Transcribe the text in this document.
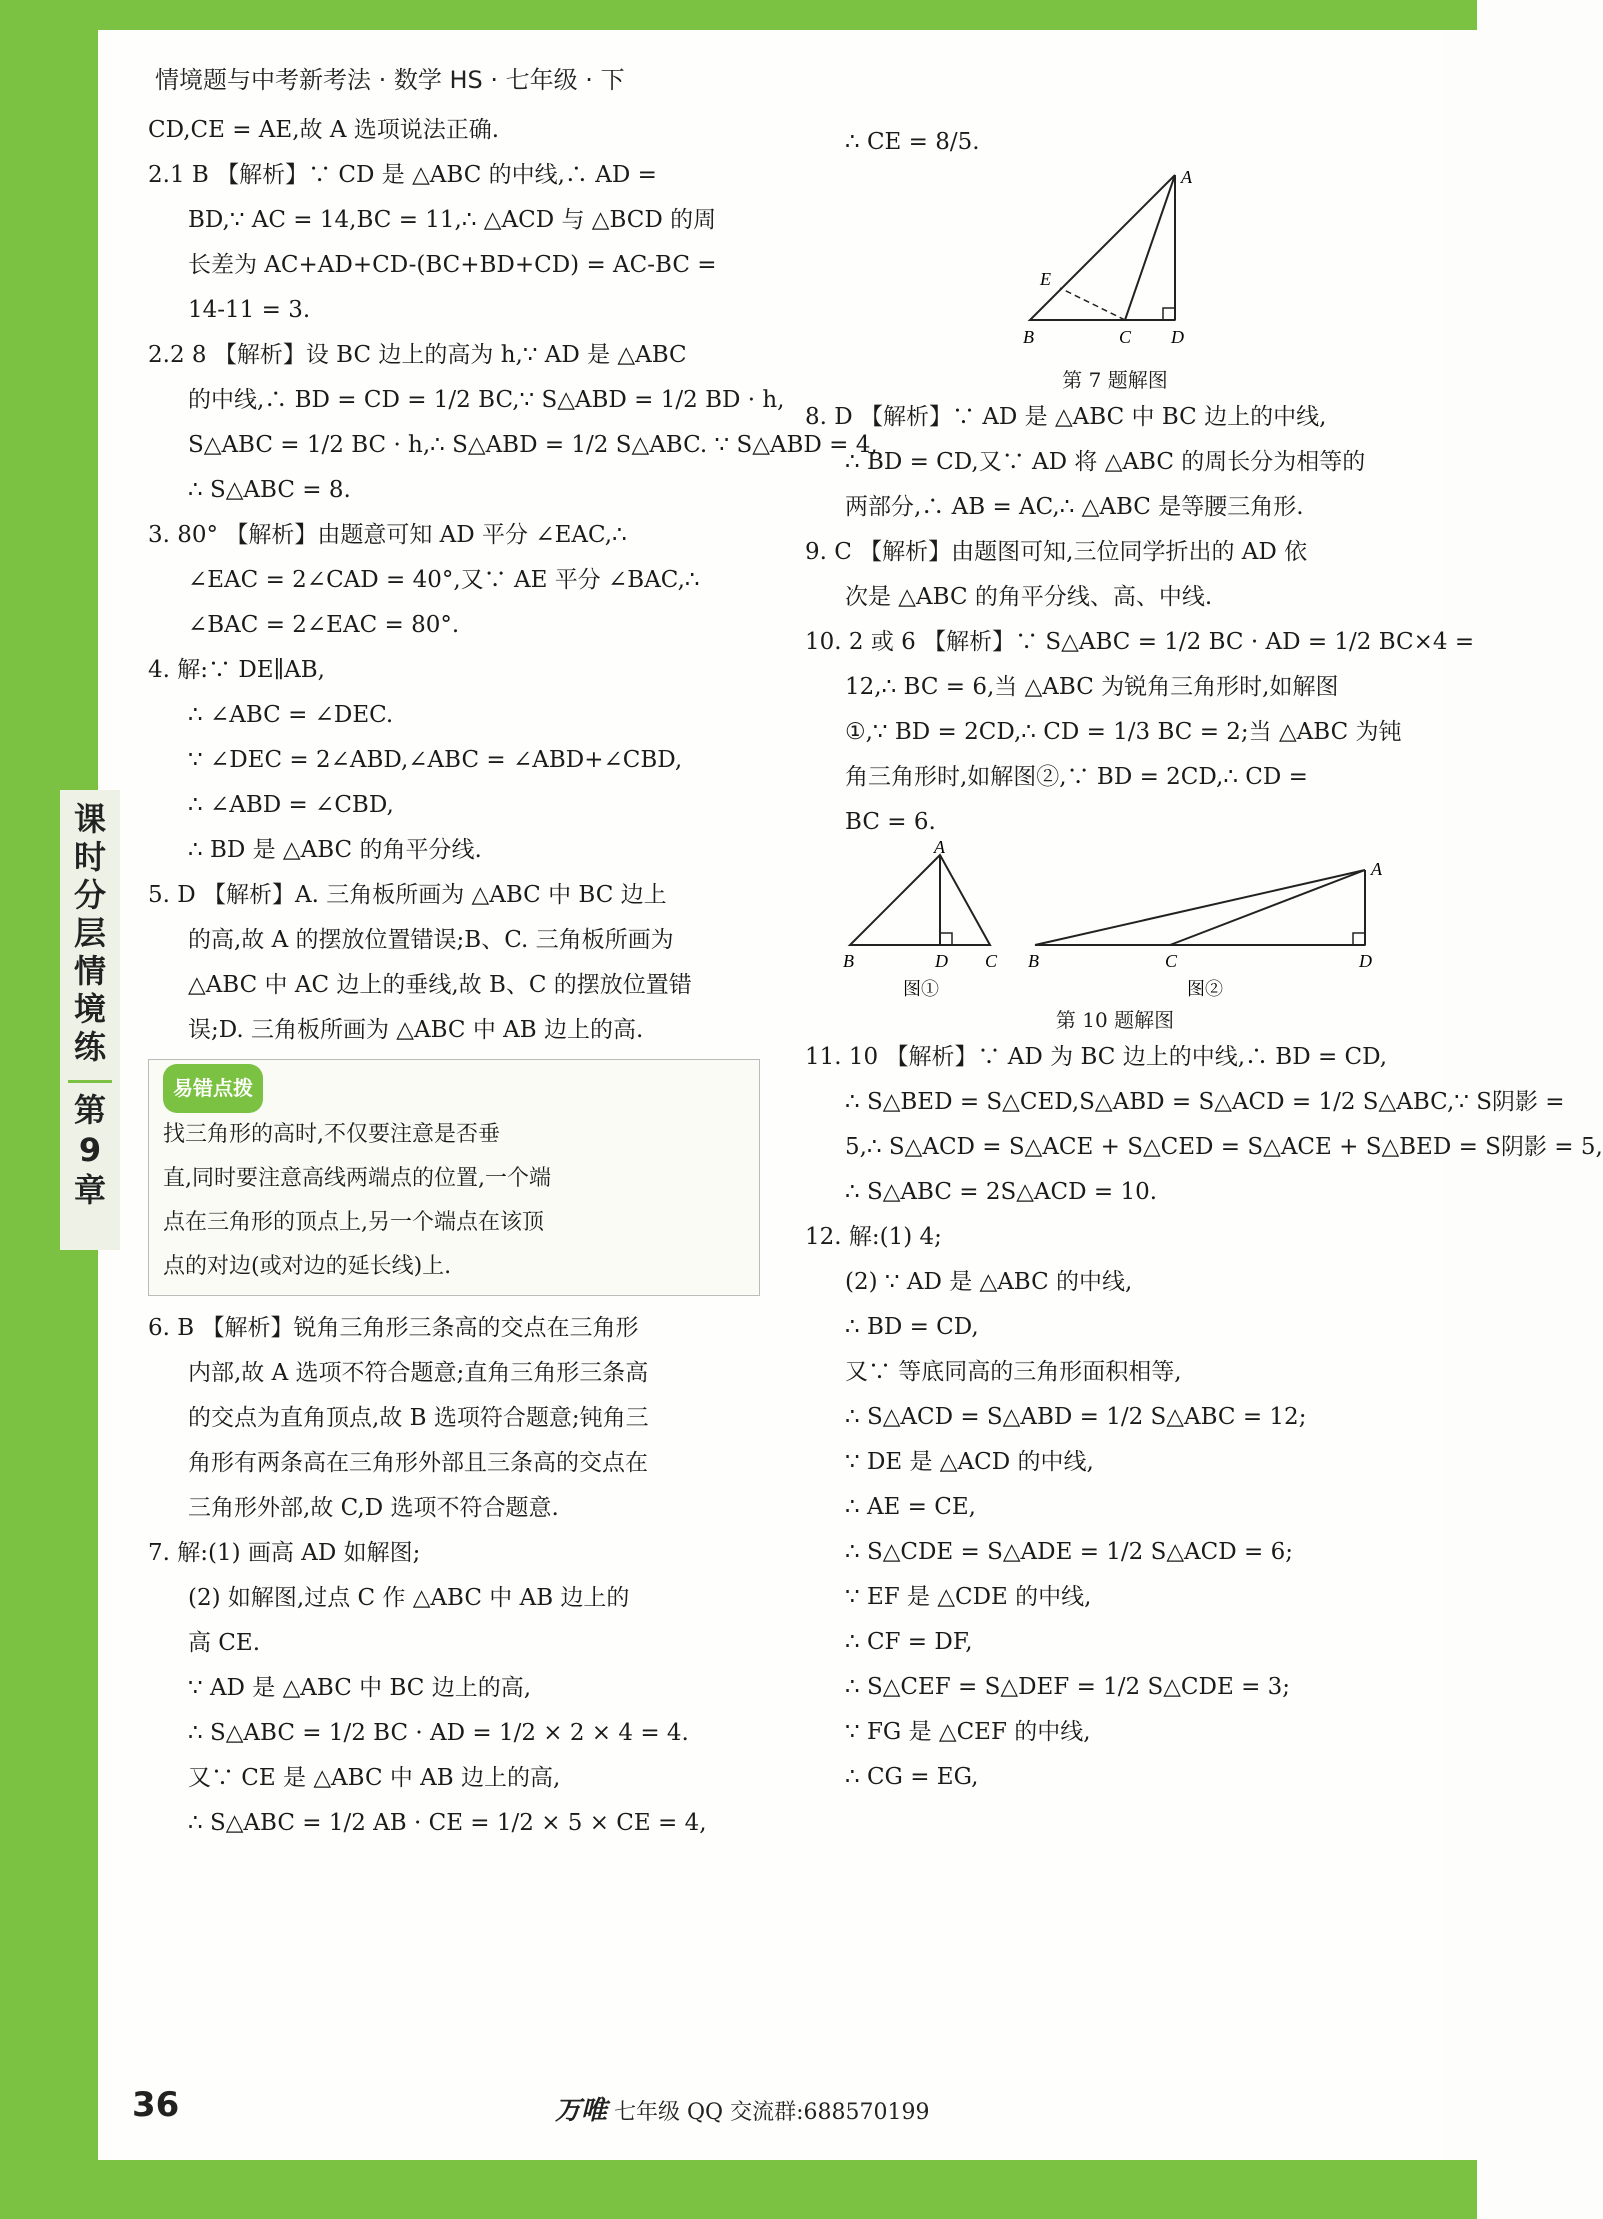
课时分层情境练
第9章
情境题与中考新考法 · 数学 HS · 七年级 · 下
CD,CE = AE,故 A 选项说法正确.
2.1 B 【解析】∵ CD 是 △ABC 的中线,∴ AD =
BD,∵ AC = 14,BC = 11,∴ △ACD 与 △BCD 的周
长差为 AC+AD+CD-(BC+BD+CD) = AC-BC =
14-11 = 3.
2.2 8 【解析】设 BC 边上的高为 h,∵ AD 是 △ABC
的中线,∴ BD = CD = 1/2 BC,∵ S△ABD = 1/2 BD · h,
S△ABC = 1/2 BC · h,∴ S△ABD = 1/2 S△ABC. ∵ S△ABD = 4,
∴ S△ABC = 8.
3. 80° 【解析】由题意可知 AD 平分 ∠EAC,∴
∠EAC = 2∠CAD = 40°,又∵ AE 平分 ∠BAC,∴
∠BAC = 2∠EAC = 80°.
4. 解:∵ DE∥AB,
∴ ∠ABC = ∠DEC.
∵ ∠DEC = 2∠ABD,∠ABC = ∠ABD+∠CBD,
∴ ∠ABD = ∠CBD,
∴ BD 是 △ABC 的角平分线.
5. D 【解析】A. 三角板所画为 △ABC 中 BC 边上
的高,故 A 的摆放位置错误;B、C. 三角板所画为
△ABC 中 AC 边上的垂线,故 B、C 的摆放位置错
误;D. 三角板所画为 △ABC 中 AB 边上的高.
易错点拨
找三角形的高时,不仅要注意是否垂
直,同时要注意高线两端点的位置,一个端
点在三角形的顶点上,另一个端点在该顶
点的对边(或对边的延长线)上.
6. B 【解析】锐角三角形三条高的交点在三角形
内部,故 A 选项不符合题意;直角三角形三条高
的交点为直角顶点,故 B 选项符合题意;钝角三
角形有两条高在三角形外部且三条高的交点在
三角形外部,故 C,D 选项不符合题意.
7. 解:(1) 画高 AD 如解图;
(2) 如解图,过点 C 作 △ABC 中 AB 边上的
高 CE.
∵ AD 是 △ABC 中 BC 边上的高,
∴ S△ABC = 1/2 BC · AD = 1/2 × 2 × 4 = 4.
又∵ CE 是 △ABC 中 AB 边上的高,
∴ S△ABC = 1/2 AB · CE = 1/2 × 5 × CE = 4,
∴ CE = 8/5.
A
E
B	C D
第 7 题解图
8. D 【解析】∵ AD 是 △ABC 中 BC 边上的中线,
∴ BD = CD,又∵ AD 将 △ABC 的周长分为相等的
两部分,∴ AB = AC,∴ △ABC 是等腰三角形.
9. C 【解析】由题图可知,三位同学折出的 AD 依
次是 △ABC 的角平分线、高、中线.
10. 2 或 6 【解析】∵ S△ABC = 1/2 BC · AD = 1/2 BC×4 =
12,∴ BC = 6,当 △ABC 为锐角三角形时,如解图
①,∵ BD = 2CD,∴ CD = 1/3 BC = 2;当 △ABC 为钝
角三角形时,如解图②,∵ BD = 2CD,∴ CD =
BC = 6.
A
B	D C
图①
A
B	C	D
图②
第 10 题解图
11. 10 【解析】∵ AD 为 BC 边上的中线,∴ BD = CD,
∴ S△BED = S△CED,S△ABD = S△ACD = 1/2 S△ABC,∵ S阴影 =
5,∴ S△ACD = S△ACE + S△CED = S△ACE + S△BED = S阴影 = 5,
∴ S△ABC = 2S△ACD = 10.
12. 解:(1) 4;
(2) ∵ AD 是 △ABC 的中线,
∴ BD = CD,
又∵ 等底同高的三角形面积相等,
∴ S△ACD = S△ABD = 1/2 S△ABC = 12;
∵ DE 是 △ACD 的中线,
∴ AE = CE,
∴ S△CDE = S△ADE = 1/2 S△ACD = 6;
∵ EF 是 △CDE 的中线,
∴ CF = DF,
∴ S△CEF = S△DEF = 1/2 S△CDE = 3;
∵ FG 是 △CEF 的中线,
∴ CG = EG,
36	万唯 七年级 QQ 交流群:688570199
